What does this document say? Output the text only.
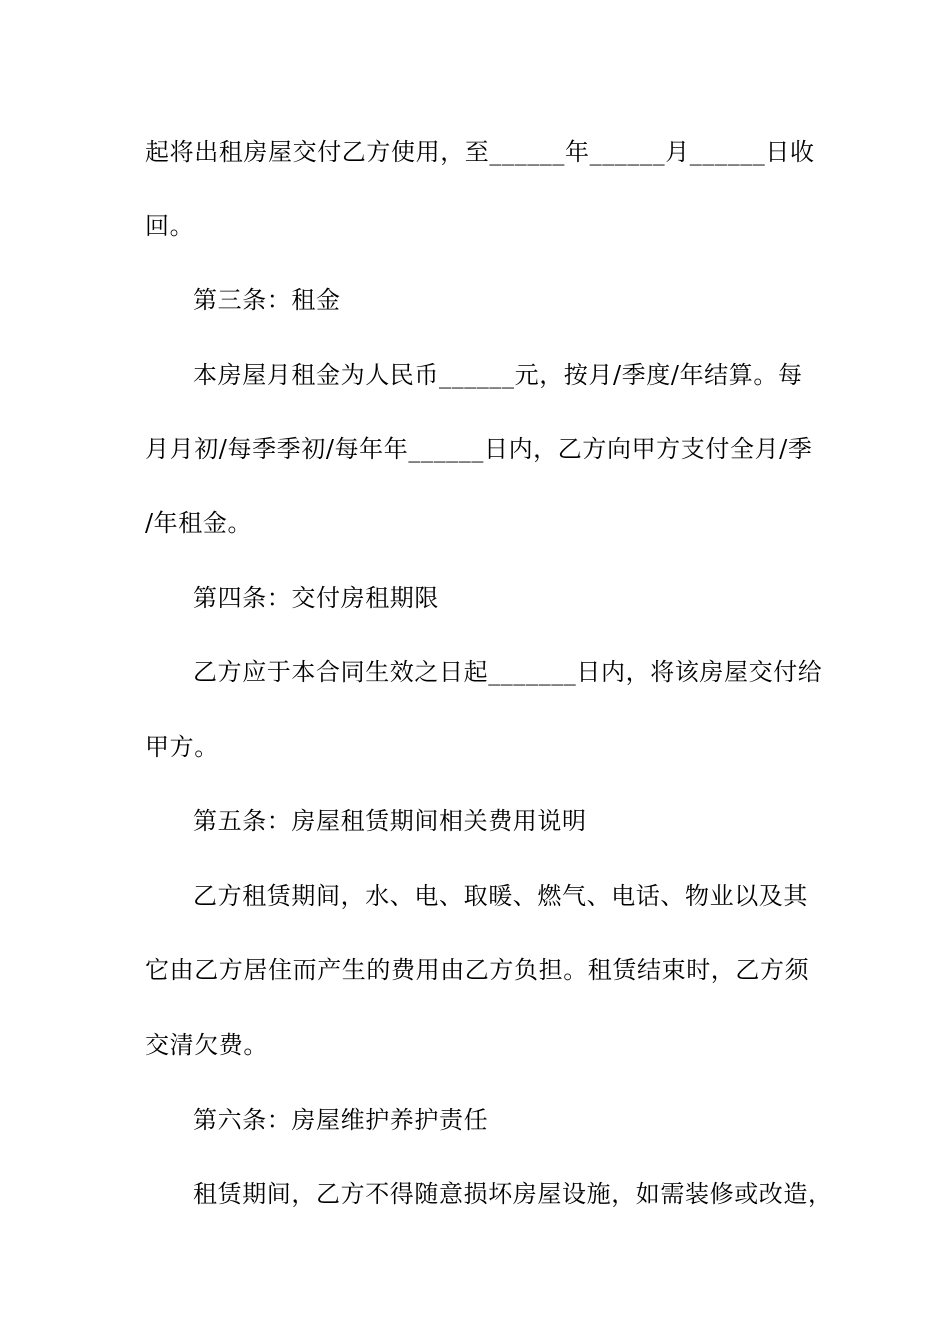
起将出租房屋交付乙方使用，至______年______月______日收
回。
第三条：租金
本房屋月租金为人民币______元，按月/季度/年结算。每
月月初/每季季初/每年年______日内，乙方向甲方支付全月/季
/年租金。
第四条：交付房租期限
乙方应于本合同生效之日起_______日内，将该房屋交付给
甲方。
第五条：房屋租赁期间相关费用说明
乙方租赁期间，水、电、取暖、燃气、电话、物业以及其
它由乙方居住而产生的费用由乙方负担。租赁结束时，乙方须
交清欠费。
第六条：房屋维护养护责任
租赁期间，乙方不得随意损坏房屋设施，如需装修或改造，
